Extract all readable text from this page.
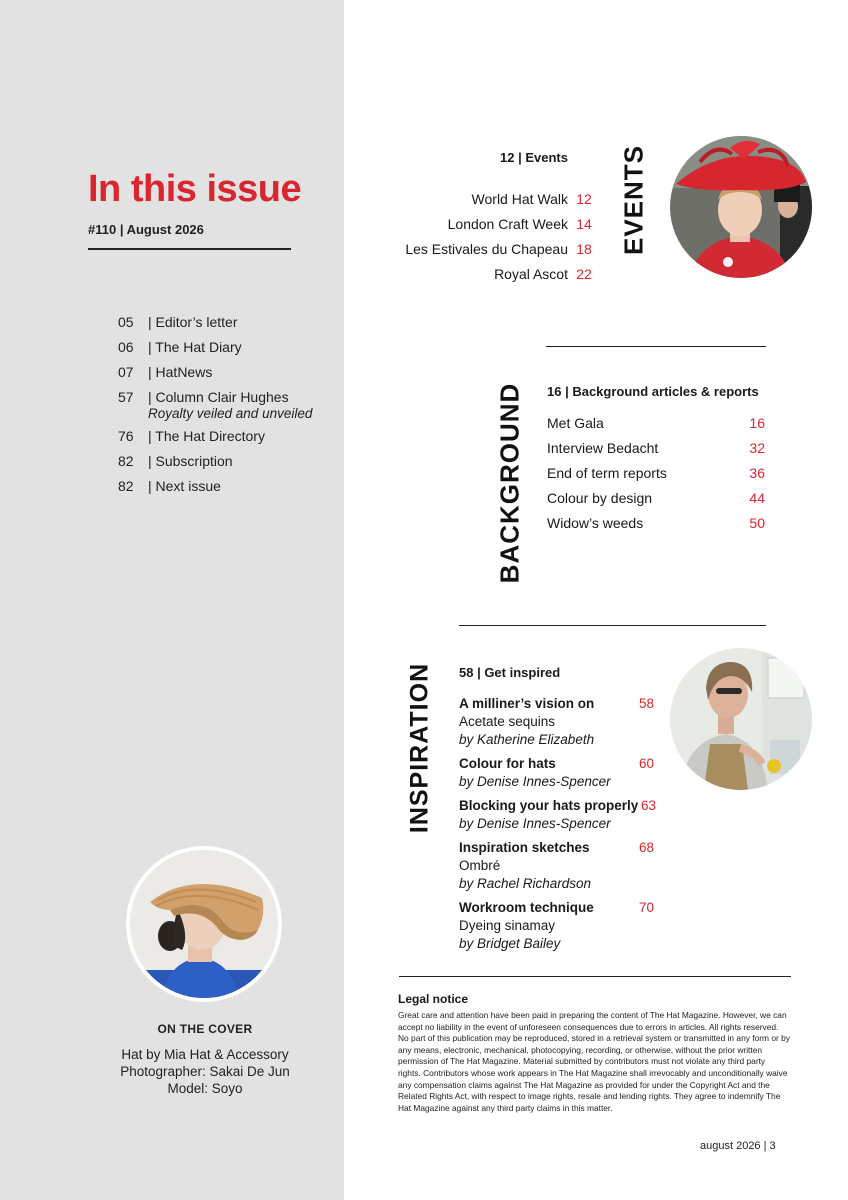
In this issue
#110 | August 2026
05 | Editor’s letter
06 | The Hat Diary
07 | HatNews
57 | Column Clair Hughes
Royalty veiled and unveiled
76 | The Hat Directory
82 | Subscription
82 | Next issue
ON THE COVER
Hat by Mia Hat & Accessory
Photographer: Sakai De Jun
Model: Soyo
12 | Events
World Hat Walk 12
London Craft Week 14
Les Estivales du Chapeau 18
Royal Ascot 22
EVENTS
BACKGROUND 16 | Background articles & reports
Met Gala	16
Interview Bedacht	32
End of term reports	36
Colour by design	44
Widow’s weeds	50
INSPIRATION 58 | Get inspired
A milliner’s vision on
Acetate sequins
by Katherine Elizabeth
58
Colour for hats
by Denise Innes-Spencer
60
Blocking your hats properly
by Denise Innes-Spencer
63
Inspiration sketches
Ombré
by Rachel Richardson
68
Workroom technique
Dyeing sinamay
by Bridget Bailey
70
Legal notice
Great care and attention have been paid in preparing the content of The Hat Magazine. However, we can accept no liability in the event of unforeseen consequences due to errors in articles. All rights reserved. No part of this publication may be reproduced, stored in a retrieval system or transmitted in any form or by any means, electronic, mechanical, photocopying, recording, or otherwise, without the prior written permission of The Hat Magazine. Material submitted by contributors must not violate any third party rights. Contributors whose work appears in The Hat Magazine shall irrevocably and unconditionally waive any compensation claims against The Hat Magazine as provided for under the Copyright Act and the Related Rights Act, with respect to image rights, resale and lending rights. They agree to indemnify The Hat Magazine against any third party claims in this matter.
august 2026 | 3
